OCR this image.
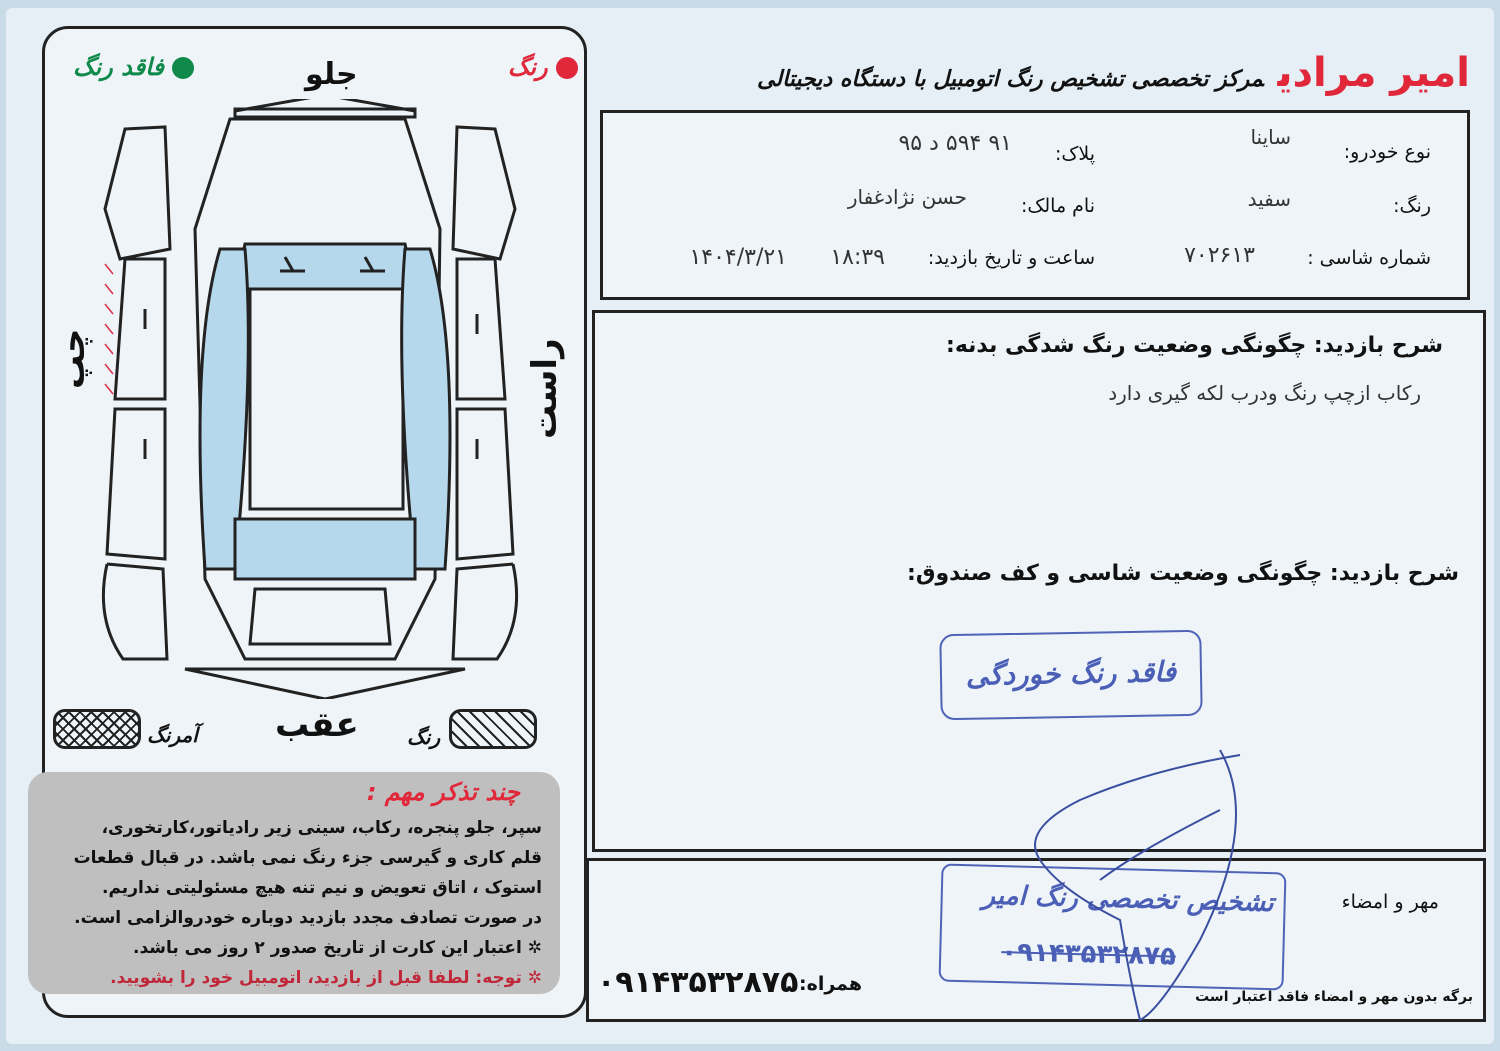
امیر مرادیمرکز تخصصی تشخیص رنگ اتومبیل با دستگاه دیجیتالی
رنگ
فاقد رنگ	جلو
عقب
چپ	راست
آمرنگ	رنگ
چند تذکر مهم :
سپر، جلو پنجره، رکاب، سینی زیر رادیاتور،کارتخوری،
قلم کاری و گیرسی جزء رنگ نمی باشد. در قبال قطعات
استوک ، اتاق تعویض و نیم تنه هیچ مسئولیتی نداریم.
در صورت تصادف مجدد بازدید دوباره خودروالزامی است.
✲ اعتبار این کارت از تاریخ صدور ۲ روز می باشد.
✲ توجه: لطفا قبل از بازدید، اتومبیل خود را بشویید.
نوع خودرو:
ساینا
پلاک:
۹۱ ۵۹۴ د ۹۵
رنگ:
سفید
نام مالک:
حسن نژادغفار
شماره شاسی :
۷۰۲۶۱۳
ساعت و تاریخ بازدید:
۱۸:۳۹
۱۴۰۴/۳/۲۱
شرح بازدید: چگونگی وضعیت رنگ شدگی بدنه:
رکاب ازچپ رنگ ودرب لکه گیری دارد
شرح بازدید: چگونگی وضعیت شاسی و کف صندوق:
فاقد رنگ خوردگی
مهر و امضاء
همراه:
۰۹۱۴۳۵۳۲۸۷۵	برگه بدون مهر و امضاء فاقد اعتبار است
تشخیص تخصصی رنگ امیر
۰۹۱۴۳۵۳۲۸۷۵
